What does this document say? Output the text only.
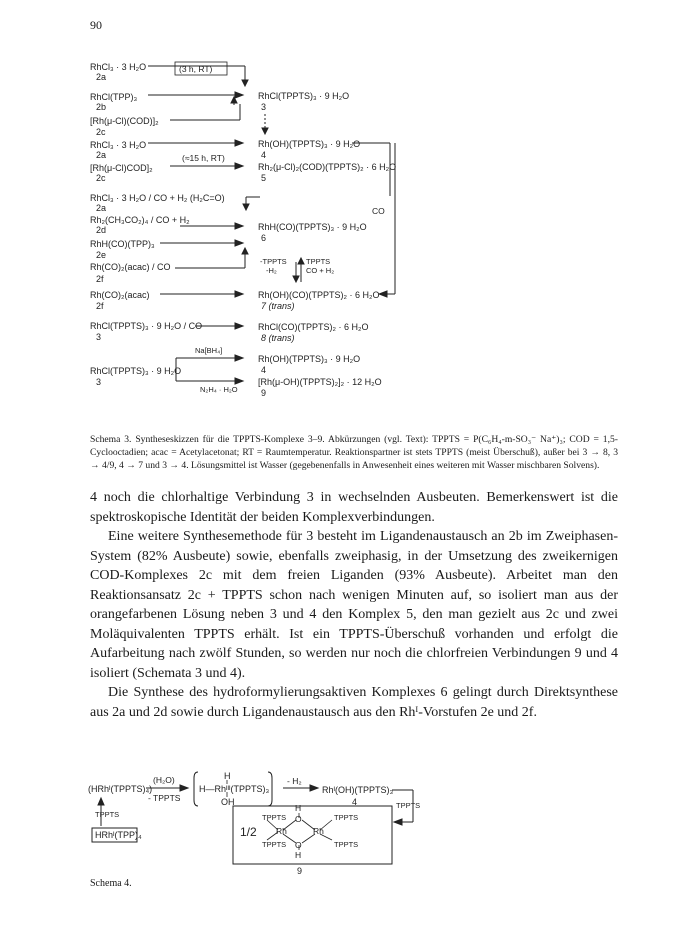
90
RhCl₃ · 3 H₂O
2a
RhCl(TPP)₃
2b
[Rh(μ-Cl)(COD)]₂
2c
RhCl₃ · 3 H₂O
2a
[Rh(μ-Cl)COD]₂
2c
RhCl₃ · 3 H₂O / CO + H₂ (H₂C=O)
2a
Rh₂(CH₃CO₂)₄ / CO + H₂
2d
RhH(CO)(TPP)₃
2e
Rh(CO)₂(acac) / CO
2f
Rh(CO)₂(acac)
2f
RhCl(TPPTS)₃ · 9 H₂O / CO
3
RhCl(TPPTS)₃ · 9 H₂O
3
RhCl(TPPTS)₃ · 9 H₂O
3
Rh(OH)(TPPTS)₃ · 9 H₂O
4
Rh₂(μ-Cl)₂(COD)(TPPTS)₂ · 6 H₂O
5
RhH(CO)(TPPTS)₃ · 9 H₂O
6
Rh(OH)(CO)(TPPTS)₂ · 6 H₂O
7 (trans)
RhCl(CO)(TPPTS)₂ · 6 H₂O
8 (trans)
Rh(OH)(TPPTS)₃ · 9 H₂O
4
[Rh(μ-OH)(TPPTS)₂]₂ · 12 H₂O
9
(3 h, RT)
(≈15 h, RT)
CO
-TPPTS
-H₂
TPPTS
CO + H₂
Na[BH₄]
N₂H₄ · H₂O

Schema 3. Syntheseskizzen für die TPPTS-Komplexe 3–9. Abkürzungen (vgl. Text): TPPTS = P(C₆H₄-m-SO₃⁻ Na⁺)₃; COD = 1,5-Cyclooctadien; acac = Acetylacetonat; RT = Raumtemperatur. Reaktionspartner ist stets TPPTS (meist Überschuß), außer bei 3 → 8, 3 → 4/9, 4 → 7 und 3 → 4. Lösungsmittel ist Wasser (gegebenenfalls in Anwesenheit eines weiteren mit Wasser mischbaren Solvens).

4 noch die chlorhaltige Verbindung 3 in wechselnden Ausbeuten. Bemerkenswert ist die spektroskopische Identität der beiden Komplexverbindungen.

Eine weitere Synthesemethode für 3 besteht im Ligandenaustausch an 2b im Zweiphasen-System (82% Ausbeute) sowie, ebenfalls zweiphasig, in der Umsetzung des zweikernigen COD-Komplexes 2c mit dem freien Liganden (93% Ausbeute). Arbeitet man den Reaktionsansatz 2c + TPPTS schon nach wenigen Minuten auf, so isoliert man aus der orangefarbenen Lösung neben 3 und 4 den Komplex 5, den man gezielt aus 2c und zwei Moläquivalenten TPPTS erhält. Ist ein TPPTS-Überschuß vorhanden und erfolgt die Aufarbeitung nach zwölf Stunden, so werden nur noch die chlorfreien Verbindungen 9 und 4 isoliert (Schemata 3 und 4).

Die Synthese des hydroformylierungsaktiven Komplexes 6 gelingt durch Direktsynthese aus 2a und 2d sowie durch Ligandenaustausch aus den Rhᴵ-Vorstufen 2e und 2f.

(HRhᴵ(TPPTS)₄)
(H₂O)
- TPPTS
H
H—Rhᴵᴵᴵ(TPPTS)₃
OH
- H₂
Rhᴵ(OH)(TPPTS)₃
4	TPPTS
TPPTS
HRhᴵ(TPP)₄	1/2
TPPTS
TPPTS
TPPTS
TPPTS
H
O
O
H
Rh	Rh
9
Schema 4.
